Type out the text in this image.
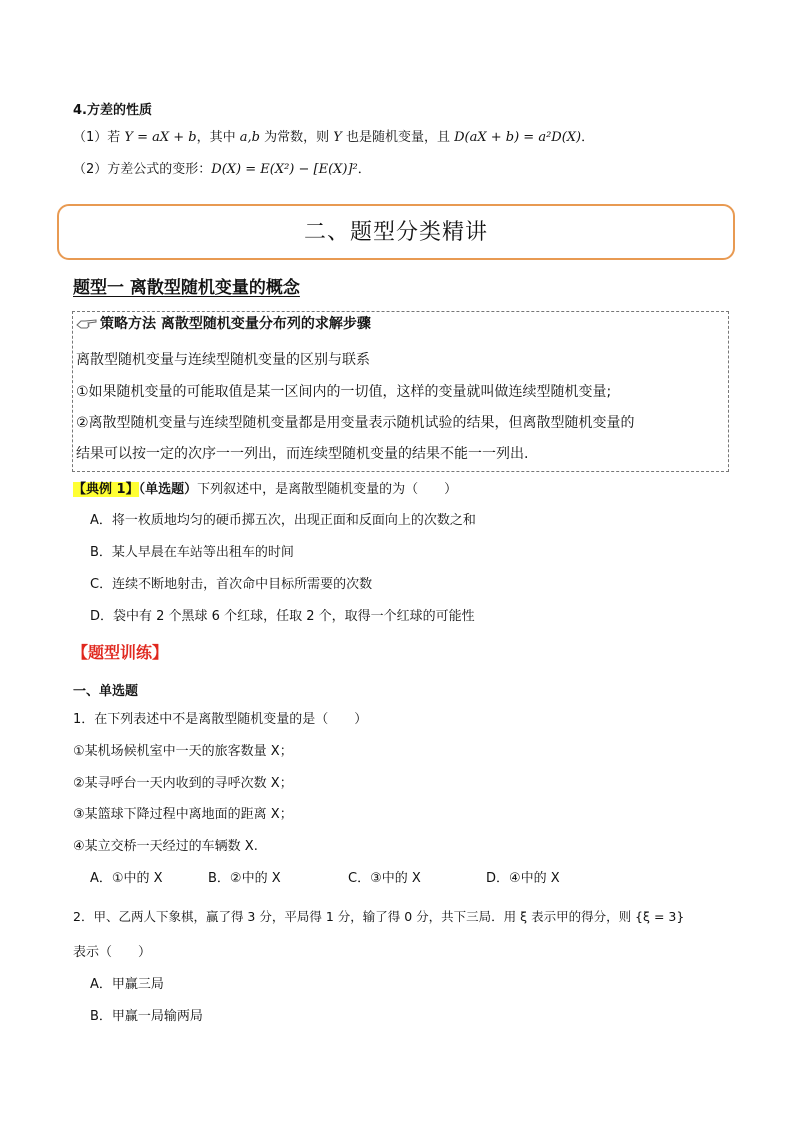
4.方差的性质
（1）若 Y = aX + b，其中 a,b 为常数，则 Y 也是随机变量，且 D(aX + b) = a²D(X)．
（2）方差公式的变形：D(X) = E(X²) − [E(X)]²．
二、题型分类精讲
题型一 离散型随机变量的概念
策略方法 离散型随机变量分布列的求解步骤
离散型随机变量与连续型随机变量的区别与联系
①如果随机变量的可能取值是某一区间内的一切值，这样的变量就叫做连续型随机变量;
②离散型随机变量与连续型随机变量都是用变量表示随机试验的结果，但离散型随机变量的
结果可以按一定的次序一一列出，而连续型随机变量的结果不能一一列出.
【典例 1】（单选题）下列叙述中，是离散型随机变量的为（　　）
A．将一枚质地均匀的硬币掷五次，出现正面和反面向上的次数之和
B．某人早晨在车站等出租车的时间
C．连续不断地射击，首次命中目标所需要的次数
D．袋中有 2 个黑球 6 个红球，任取 2 个，取得一个红球的可能性
【题型训练】
一、单选题
1．在下列表述中不是离散型随机变量的是（　　）
①某机场候机室中一天的旅客数量 X；
②某寻呼台一天内收到的寻呼次数 X；
③某篮球下降过程中离地面的距离 X；
④某立交桥一天经过的车辆数 X.
A．①中的 X	B．②中的 X	C．③中的 X	D．④中的 X
2．甲、乙两人下象棋，赢了得 3 分，平局得 1 分，输了得 0 分，共下三局．用 ξ 表示甲的得分，则 {ξ = 3}
表示（　　）
A．甲赢三局
B．甲赢一局输两局
